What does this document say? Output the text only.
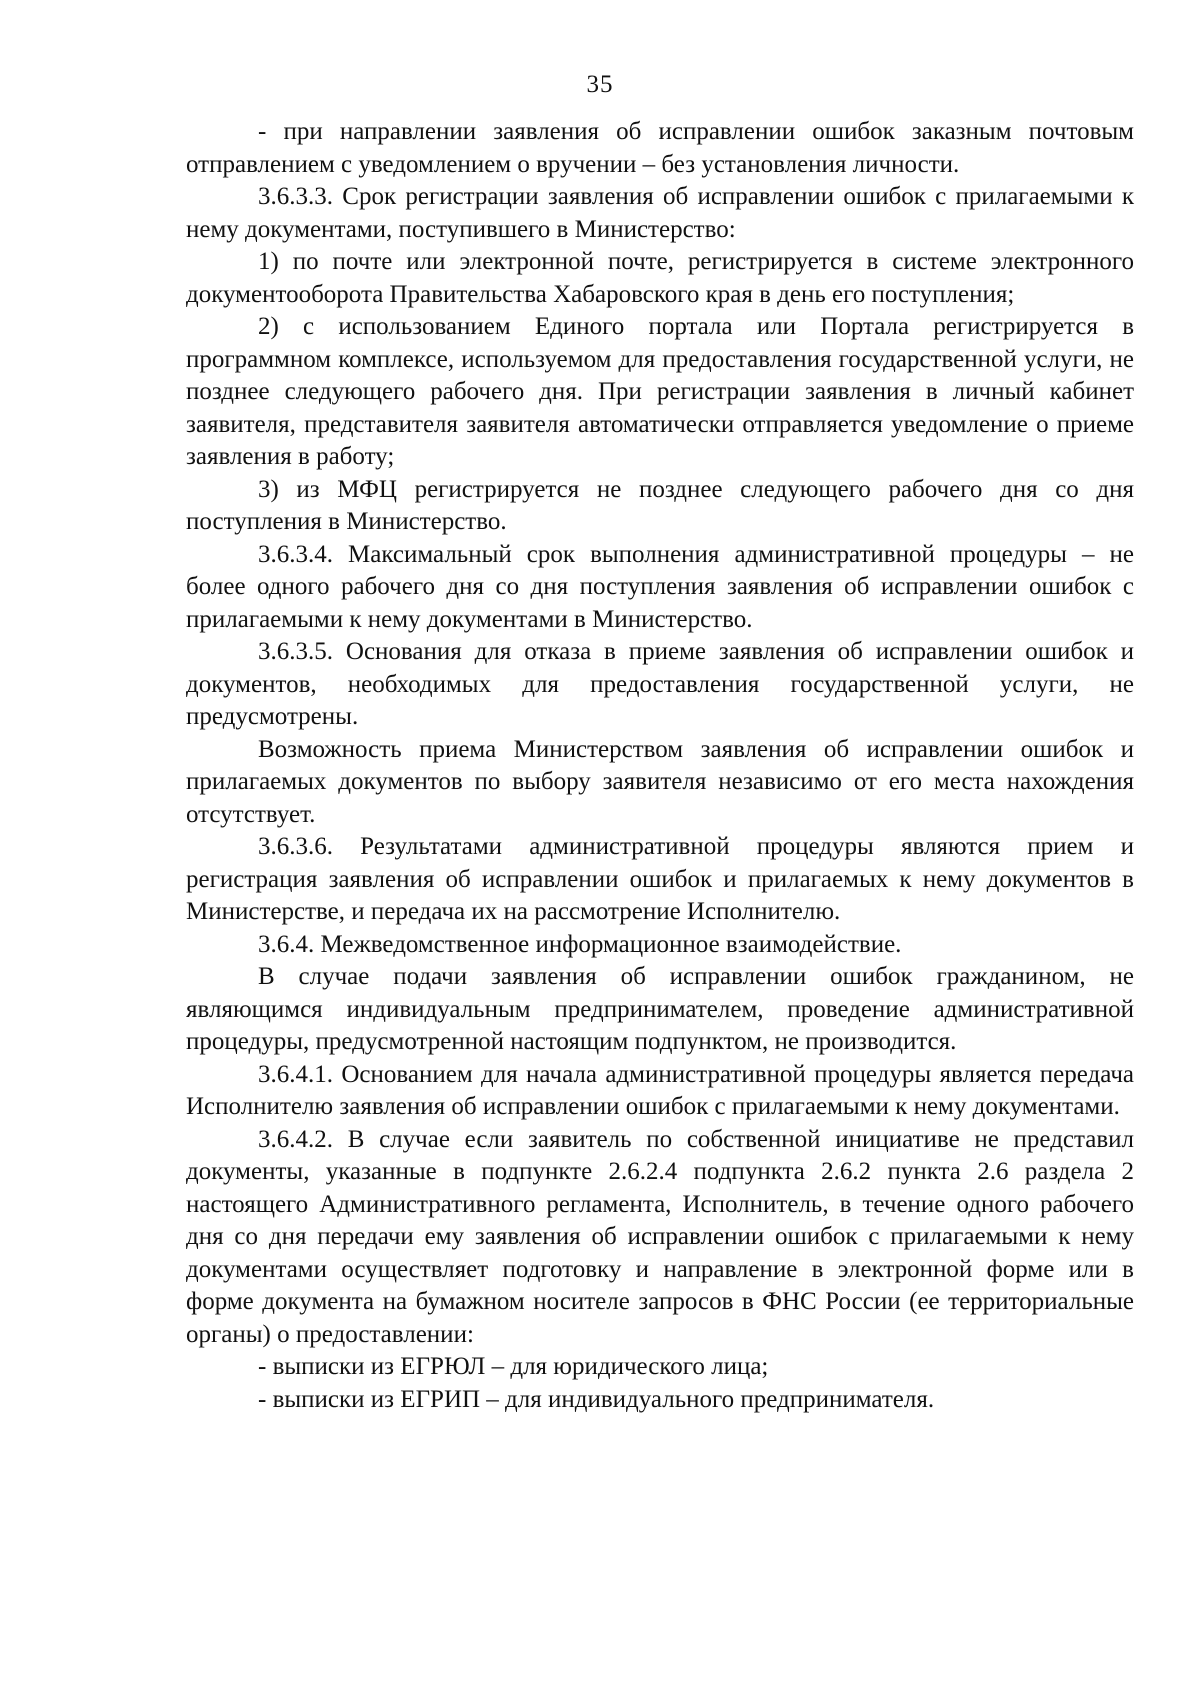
35

- при направлении заявления об исправлении ошибок заказным почтовым отправлением с уведомлением о вручении – без установления личности.

3.6.3.3. Срок регистрации заявления об исправлении ошибок с прилагаемыми к нему документами, поступившего в Министерство:

1) по почте или электронной почте, регистрируется в системе электронного документооборота Правительства Хабаровского края в день его поступления;

2) с использованием Единого портала или Портала регистрируется в программном комплексе, используемом для предоставления государственной услуги, не позднее следующего рабочего дня. При регистрации заявления в личный кабинет заявителя, представителя заявителя автоматически отправляется уведомление о приеме заявления в работу;

3) из МФЦ регистрируется не позднее следующего рабочего дня со дня поступления в Министерство.

3.6.3.4. Максимальный срок выполнения административной процедуры – не более одного рабочего дня со дня поступления заявления об исправлении ошибок с прилагаемыми к нему документами в Министерство.

3.6.3.5. Основания для отказа в приеме заявления об исправлении ошибок и документов, необходимых для предоставления государственной услуги, не предусмотрены.

Возможность приема Министерством заявления об исправлении ошибок и прилагаемых документов по выбору заявителя независимо от его места нахождения отсутствует.

3.6.3.6. Результатами административной процедуры являются прием и регистрация заявления об исправлении ошибок и прилагаемых к нему документов в Министерстве, и передача их на рассмотрение Исполнителю.

3.6.4. Межведомственное информационное взаимодействие.

В случае подачи заявления об исправлении ошибок гражданином, не являющимся индивидуальным предпринимателем, проведение административной процедуры, предусмотренной настоящим подпунктом, не производится.

3.6.4.1. Основанием для начала административной процедуры является передача Исполнителю заявления об исправлении ошибок с прилагаемыми к нему документами.

3.6.4.2. В случае если заявитель по собственной инициативе не представил документы, указанные в подпункте 2.6.2.4 подпункта 2.6.2 пункта 2.6 раздела 2 настоящего Административного регламента, Исполнитель, в течение одного рабочего дня со дня передачи ему заявления об исправлении ошибок с прилагаемыми к нему документами осуществляет подготовку и направление в электронной форме или в форме документа на бумажном носителе запросов в ФНС России (ее территориальные органы) о предоставлении:

- выписки из ЕГРЮЛ – для юридического лица;

- выписки из ЕГРИП – для индивидуального предпринимателя.
